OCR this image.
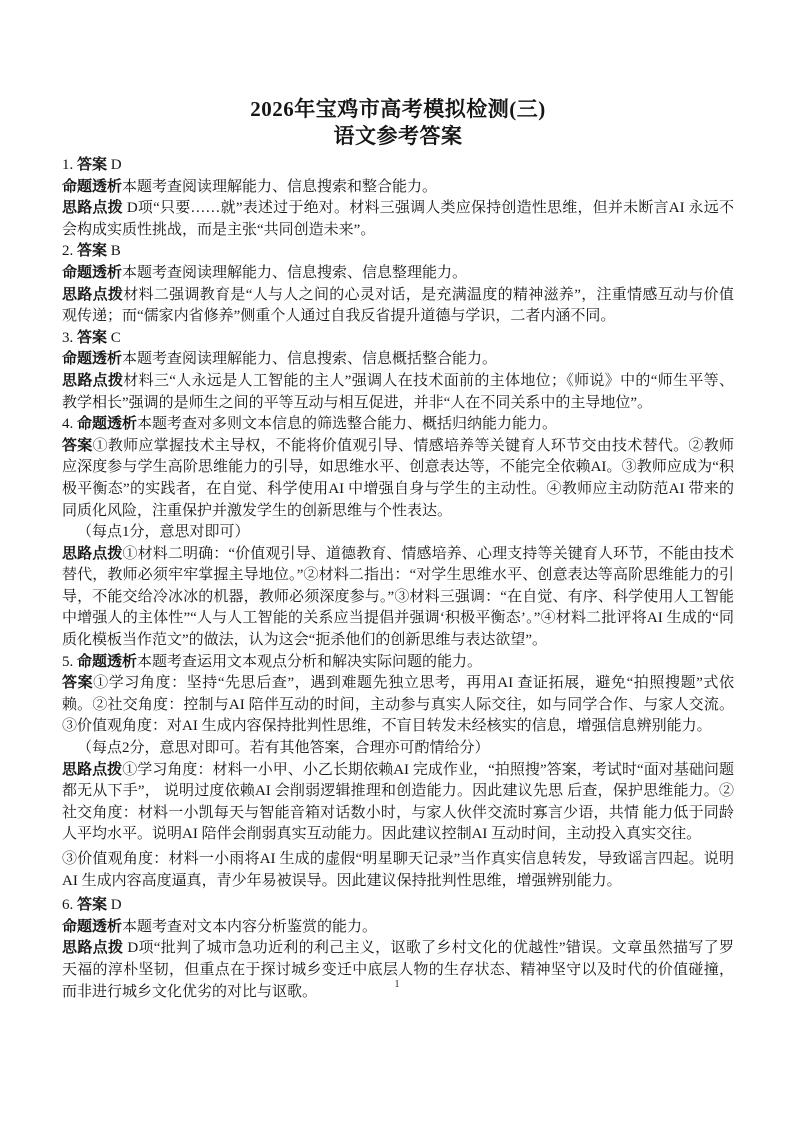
2026年宝鸡市高考模拟检测(三)
语文参考答案

1. 答案 D

命题透析本题考查阅读理解能力、信息搜索和整合能力。

思路点拨 D项“只要……就”表述过于绝对。材料三强调人类应保持创造性思维，但并未断言AI 永远不会构成实质性挑战，而是主张“共同创造未来”。

2. 答案 B

命题透析本题考查阅读理解能力、信息搜索、信息整理能力。

思路点拨材料二强调教育是“人与人之间的心灵对话，是充满温度的精神滋养”，注重情感互动与价值观传递；而“儒家内省修养”侧重个人通过自我反省提升道德与学识，二者内涵不同。

3. 答案 C

命题透析本题考查阅读理解能力、信息搜索、信息概括整合能力。

思路点拨材料三“人永远是人工智能的主人”强调人在技术面前的主体地位；《师说》中的“师生平等、教学相长”强调的是师生之间的平等互动与相互促进，并非“人在不同关系中的主导地位”。

4. 命题透析本题考查对多则文本信息的筛选整合能力、概括归纳能力能力。

答案①教师应掌握技术主导权，不能将价值观引导、情感培养等关键育人环节交由技术替代。②教师应深度参与学生高阶思维能力的引导，如思维水平、创意表达等，不能完全依赖AI。③教师应成为“积极平衡态”的实践者，在自觉、科学使用AI 中增强自身与学生的主动性。④教师应主动防范AI 带来的同质化风险，注重保护并激发学生的创新思维与个性表达。

（每点1分，意思对即可）

思路点拨①材料二明确：“价值观引导、道德教育、情感培养、心理支持等关键育人环节，不能由技术替代，教师必须牢牢掌握主导地位。”②材料二指出：“对学生思维水平、创意表达等高阶思维能力的引导，不能交给冷冰冰的机器，教师必须深度参与。”③材料三强调：“在自觉、有序、科学使用人工智能中增强人的主体性”“人与人工智能的关系应当提倡并强调‘积极平衡态’。”④材料二批评将AI 生成的“同质化模板当作范文”的做法，认为这会“扼杀他们的创新思维与表达欲望”。

5. 命题透析本题考查运用文本观点分析和解决实际问题的能力。

答案①学习角度：坚持“先思后查”，遇到难题先独立思考，再用AI 查证拓展，避免“拍照搜题”式依赖。②社交角度：控制与AI 陪伴互动的时间，主动参与真实人际交往，如与同学合作、与家人交流。③价值观角度：对AI 生成内容保持批判性思维，不盲目转发未经核实的信息，增强信息辨别能力。

（每点2分，意思对即可。若有其他答案，合理亦可酌情给分）

思路点拨①学习角度：材料一小甲、小乙长期依赖AI 完成作业，“拍照搜”答案，考试时“面对基础问题都无从下手”， 说明过度依赖AI 会削弱逻辑推理和创造能力。因此建议先思 后查，保护思维能力。②社交角度：材料一小凯每天与智能音箱对话数小时，与家人伙伴交流时寡言少语，共情 能力低于同龄人平均水平。说明AI 陪伴会削弱真实互动能力。因此建议控制AI 互动时间，主动投入真实交往。

③价值观角度：材料一小雨将AI 生成的虚假“明星聊天记录”当作真实信息转发，导致谣言四起。说明AI 生成内容高度逼真，青少年易被误导。因此建议保持批判性思维，增强辨别能力。

6. 答案 D

命题透析本题考查对文本内容分析鉴赏的能力。

思路点拨 D项“批判了城市急功近利的利己主义，讴歌了乡村文化的优越性”错误。文章虽然描写了罗天福的淳朴坚韧，但重点在于探讨城乡变迁中底层人物的生存状态、精神坚守以及时代的价值碰撞，而非进行城乡文化优劣的对比与讴歌。	1
